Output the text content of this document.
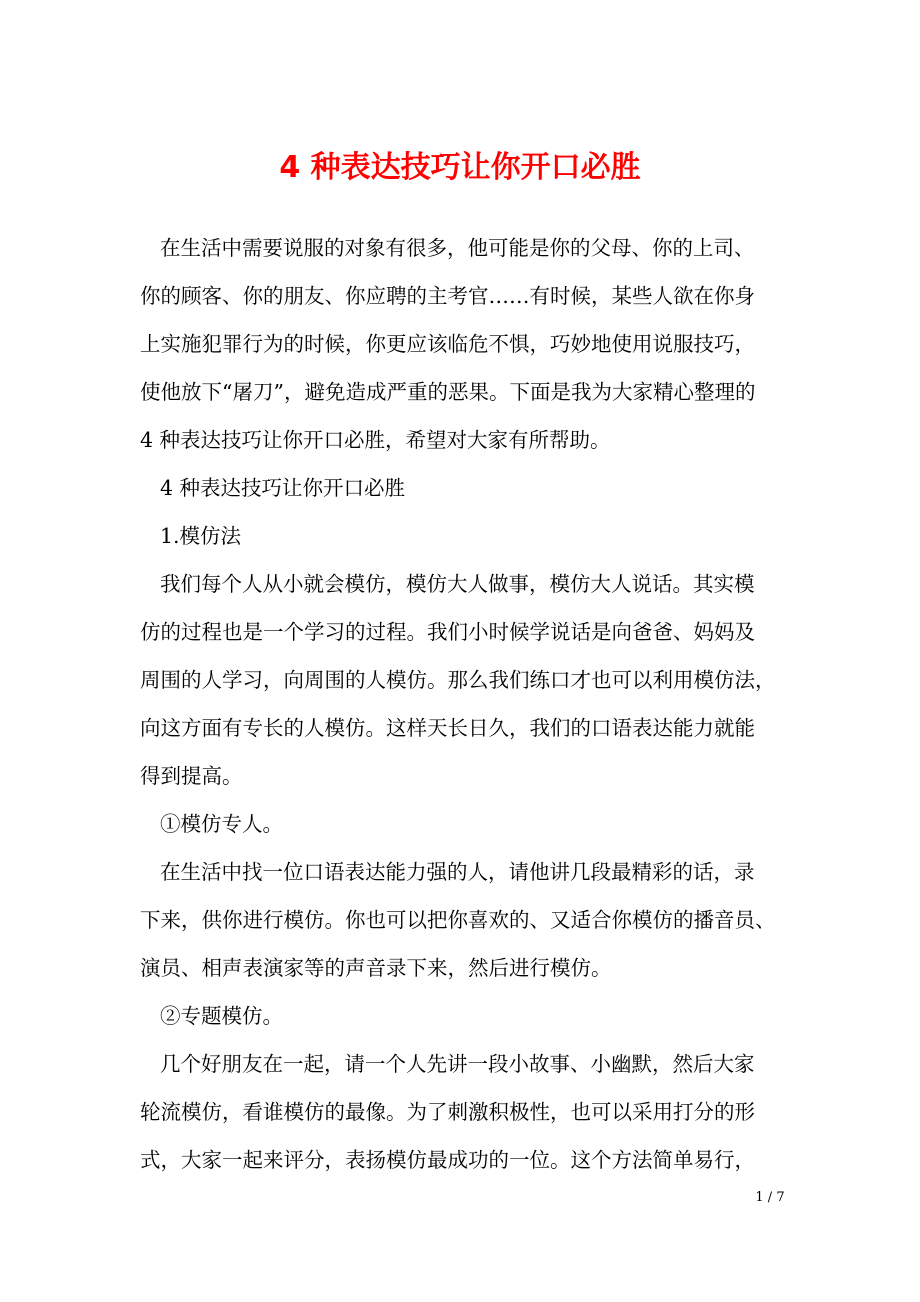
4 种表达技巧让你开口必胜
在生活中需要说服的对象有很多，他可能是你的父母、你的上司、
你的顾客、你的朋友、你应聘的主考官……有时候，某些人欲在你身
上实施犯罪行为的时候，你更应该临危不惧，巧妙地使用说服技巧，
使他放下“屠刀”，避免造成严重的恶果。下面是我为大家精心整理的
4 种表达技巧让你开口必胜，希望对大家有所帮助。
4 种表达技巧让你开口必胜
1.模仿法
我们每个人从小就会模仿，模仿大人做事，模仿大人说话。其实模
仿的过程也是一个学习的过程。我们小时候学说话是向爸爸、妈妈及
周围的人学习，向周围的人模仿。那么我们练口才也可以利用模仿法，
向这方面有专长的人模仿。这样天长日久，我们的口语表达能力就能
得到提高。
①模仿专人。
在生活中找一位口语表达能力强的人，请他讲几段最精彩的话，录
下来，供你进行模仿。你也可以把你喜欢的、又适合你模仿的播音员、
演员、相声表演家等的声音录下来，然后进行模仿。
②专题模仿。
几个好朋友在一起，请一个人先讲一段小故事、小幽默，然后大家
轮流模仿，看谁模仿的最像。为了刺激积极性，也可以采用打分的形
式，大家一起来评分，表扬模仿最成功的一位。这个方法简单易行，
1 / 7
